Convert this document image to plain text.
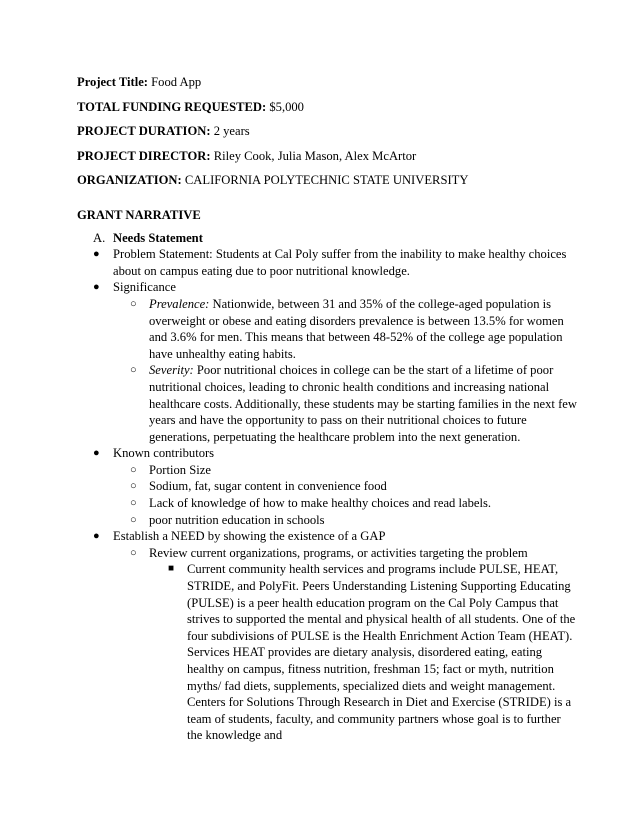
Project Title: Food App
TOTAL FUNDING REQUESTED: $5,000
PROJECT DURATION: 2 years
PROJECT DIRECTOR: Riley Cook, Julia Mason, Alex McArtor
ORGANIZATION: CALIFORNIA POLYTECHNIC STATE UNIVERSITY
GRANT NARRATIVE
A. Needs Statement
● Problem Statement: Students at Cal Poly suffer from the inability to make healthy choices about on campus eating due to poor nutritional knowledge.
● Significance
○ Prevalence: Nationwide, between 31 and 35% of the college-aged population is overweight or obese and eating disorders prevalence is between 13.5% for women and 3.6% for men. This means that between 48-52% of the college age population have unhealthy eating habits.
○ Severity: Poor nutritional choices in college can be the start of a lifetime of poor nutritional choices, leading to chronic health conditions and increasing national healthcare costs. Additionally, these students may be starting families in the next few years and have the opportunity to pass on their nutritional choices to future generations, perpetuating the healthcare problem into the next generation.
● Known contributors
○ Portion Size
○ Sodium, fat, sugar content in convenience food
○ Lack of knowledge of how to make healthy choices and read labels.
○ poor nutrition education in schools
● Establish a NEED by showing the existence of a GAP
○ Review current organizations, programs, or activities targeting the problem
■ Current community health services and programs include PULSE, HEAT, STRIDE, and PolyFit. Peers Understanding Listening Supporting Educating (PULSE) is a peer health education program on the Cal Poly Campus that strives to supported the mental and physical health of all students. One of the four subdivisions of PULSE is the Health Enrichment Action Team (HEAT). Services HEAT provides are dietary analysis, disordered eating, eating healthy on campus, fitness nutrition, freshman 15; fact or myth, nutrition myths/ fad diets, supplements, specialized diets and weight management. Centers for Solutions Through Research in Diet and Exercise (STRIDE) is a team of students, faculty, and community partners whose goal is to further the knowledge and
